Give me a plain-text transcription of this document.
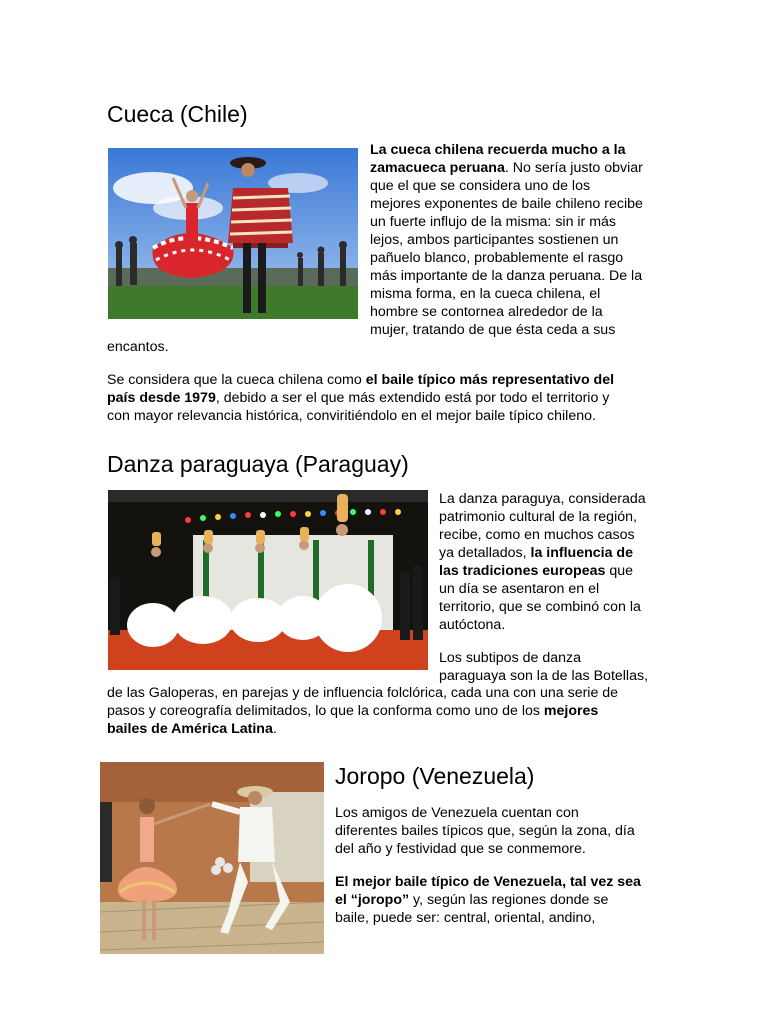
Cueca (Chile)

La cueca chilena recuerda mucho a la

zamacueca peruana. No sería justo obviar

que el que se considera uno de los

mejores exponentes de baile chileno recibe

un fuerte influjo de la misma: sin ir más

lejos, ambos participantes sostienen un

pañuelo blanco, probablemente el rasgo

más importante de la danza peruana. De la

misma forma, en la cueca chilena, el

hombre se contornea alrededor de la

mujer, tratando de que ésta ceda a sus

encantos.

Se considera que la cueca chilena como el baile típico más representativo del

país desde 1979, debido a ser el que más extendido está por todo el territorio y

con mayor relevancia histórica, conviritiéndolo en el mejor baile típico chileno.

Danza paraguaya (Paraguay)

La danza paraguya, considerada

patrimonio cultural de la región,

recibe, como en muchos casos

ya detallados, la influencia de

las tradiciones europeas que

un día se asentaron en el

territorio, que se combinó con la

autóctona.

Los subtipos de danza

paraguaya son la de las Botellas,

de las Galoperas, en parejas y de influencia folclórica, cada una con una serie de

pasos y coreografía delimitados, lo que la conforma como uno de los mejores

bailes de América Latina.

Joropo (Venezuela)

Los amigos de Venezuela cuentan con

diferentes bailes típicos que, según la zona, día

del año y festividad que se conmemore.

El mejor baile típico de Venezuela, tal vez sea

el “joropo” y, según las regiones donde se

baile, puede ser: central, oriental, andino,
